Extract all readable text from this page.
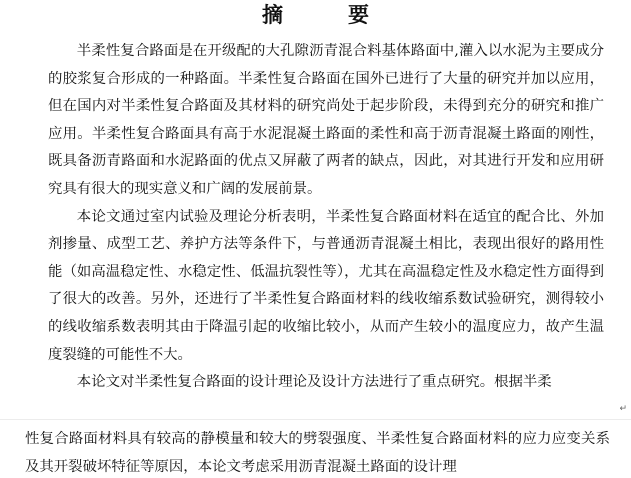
摘　要

半柔性复合路面是在开级配的大孔隙沥青混合料基体路面中,灌入以水泥为主要成分的胶浆复合形成的一种路面。半柔性复合路面在国外已进行了大量的研究并加以应用，但在国内对半柔性复合路面及其材料的研究尚处于起步阶段，未得到充分的研究和推广应用。半柔性复合路面具有高于水泥混凝土路面的柔性和高于沥青混凝土路面的刚性，既具备沥青路面和水泥路面的优点又屏蔽了两者的缺点，因此，对其进行开发和应用研究具有很大的现实意义和广阔的发展前景。

本论文通过室内试验及理论分析表明，半柔性复合路面材料在适宜的配合比、外加剂掺量、成型工艺、养护方法等条件下，与普通沥青混凝土相比，表现出很好的路用性能（如高温稳定性、水稳定性、低温抗裂性等），尤其在高温稳定性及水稳定性方面得到了很大的改善。另外，还进行了半柔性复合路面材料的线收缩系数试验研究，测得较小的线收缩系数表明其由于降温引起的收缩比较小，从而产生较小的温度应力，故产生温度裂缝的可能性不大。

本论文对半柔性复合路面的设计理论及设计方法进行了重点研究。根据半柔

↵
性复合路面材料具有较高的静模量和较大的劈裂强度、半柔性复合路面材料的应力应变关系及其开裂破坏特征等原因，本论文考虑采用沥青混凝土路面的设计理
